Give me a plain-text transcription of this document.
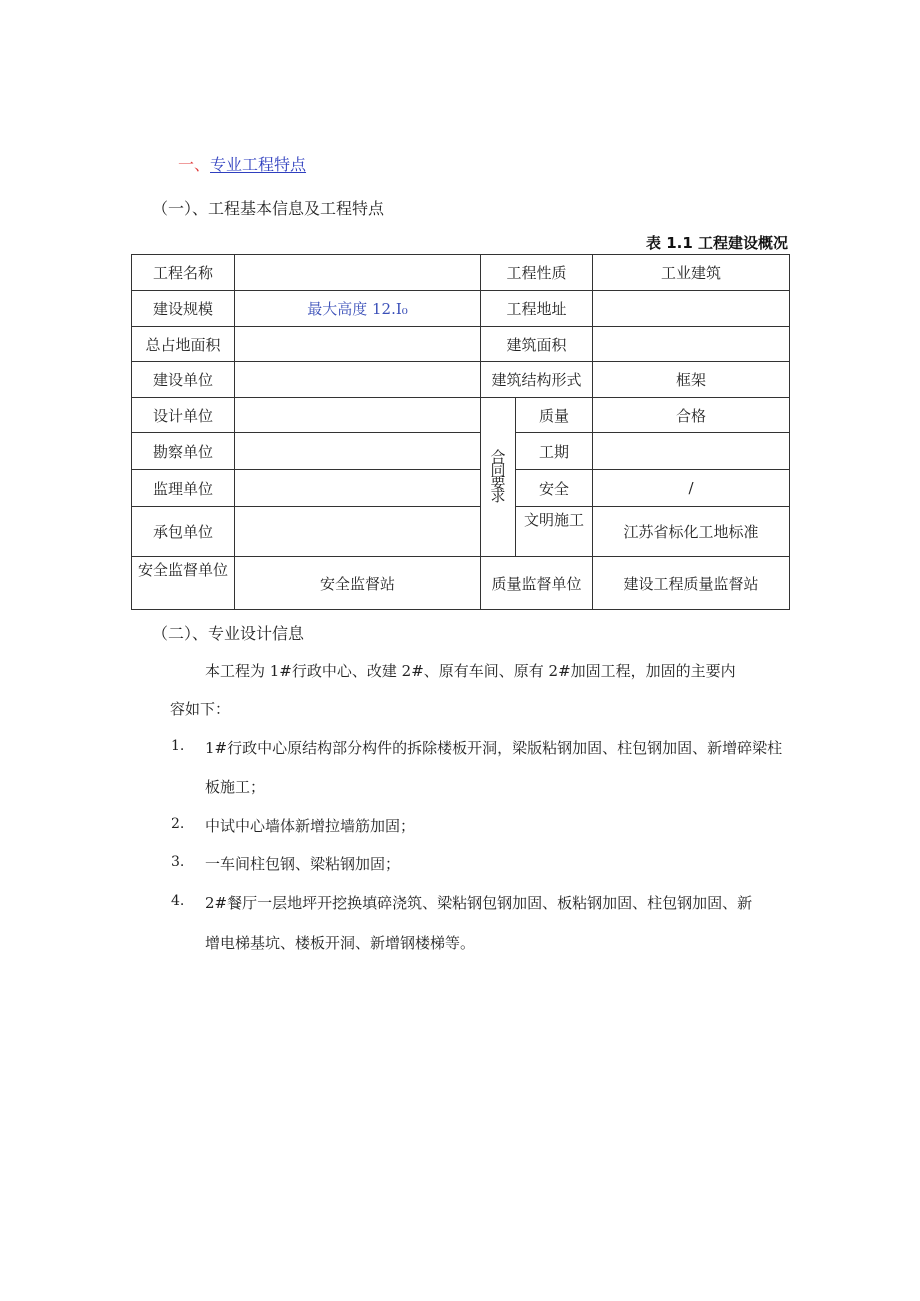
一、专业工程特点
（一）、工程基本信息及工程特点
表 1.1 工程建设概况
工程名称		工程性质		工业建筑
建设规模	最大高度 12.I₀	工程地址		
总占地面积		建筑面积		
建设单位		建筑结构形式		框架
设计单位		合同要求	质量	合格
勘察单位			工期	
监理单位			安全	/
承包单位			文明施工	江苏省标化工地标准
安全监督单位	安全监督站	质量监督单位		建设工程质量监督站
（二）、专业设计信息
本工程为 1#行政中心、改建 2#、原有车间、原有 2#加固工程，加固的主要内
容如下：
1. 1#行政中心原结构部分构件的拆除楼板开洞，梁版粘钢加固、柱包钢加固、新增碎梁柱
板施工；
2. 中试中心墙体新增拉墙筋加固；
3. 一车间柱包钢、梁粘钢加固；
4. 2#餐厅一层地坪开挖换填碎浇筑、梁粘钢包钢加固、板粘钢加固、柱包钢加固、新
增电梯基坑、楼板开洞、新增钢楼梯等。
